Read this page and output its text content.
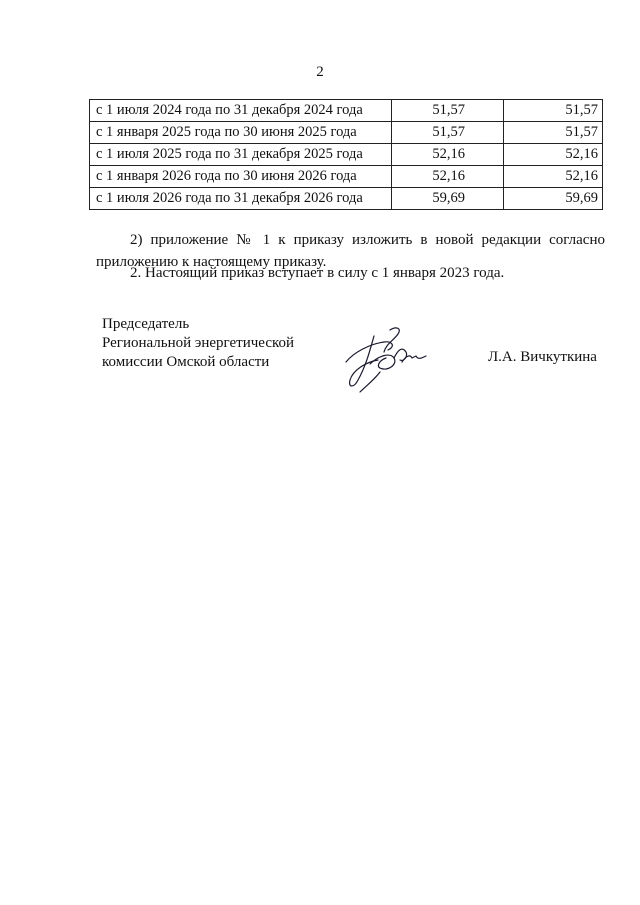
2
с 1 июля 2024 года по 31 декабря 2024 года	51,57	51,57
с 1 января 2025 года по 30 июня 2025 года	51,57	51,57
с 1 июля 2025 года по 31 декабря 2025 года	52,16	52,16
с 1 января 2026 года по 30 июня 2026 года	52,16	52,16
с 1 июля 2026 года по 31 декабря 2026 года	59,69	59,69
2) приложение № 1 к приказу изложить в новой редакции согласно приложению к настоящему приказу.
2. Настоящий приказ вступает в силу с 1 января 2023 года.
Председатель
Региональной энергетической
комиссии Омской области	Л.А. Вичкуткина
